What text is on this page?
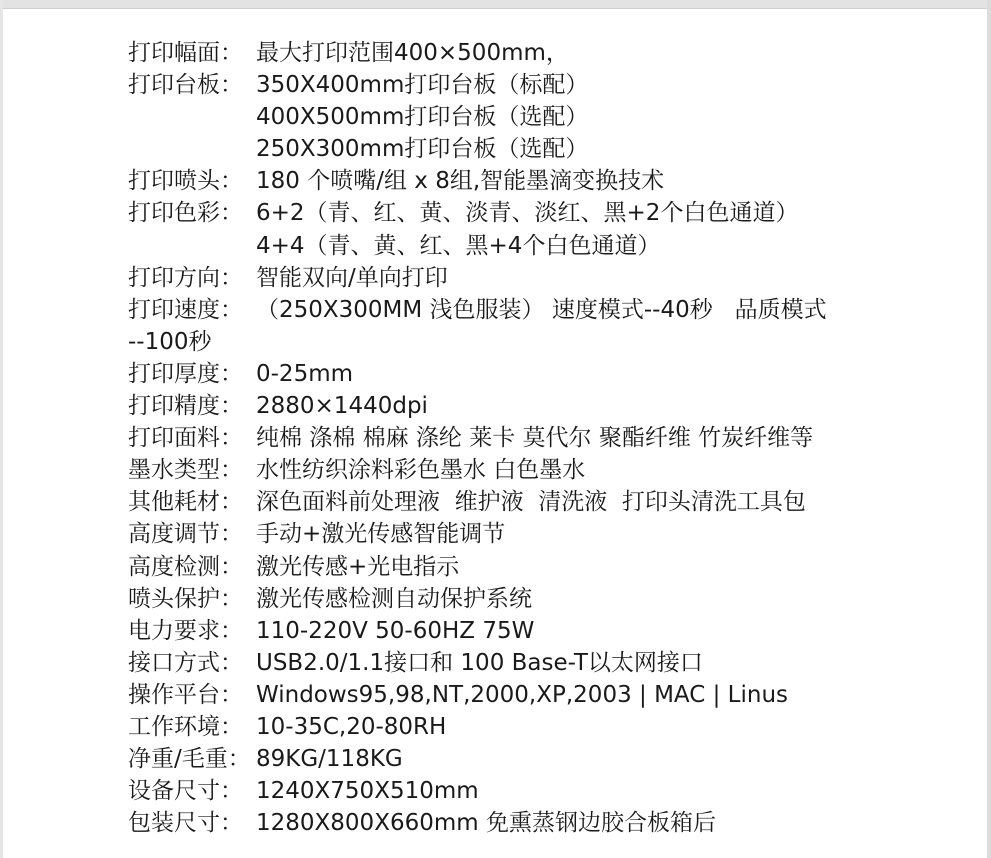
打印幅面： 最大打印范围400×500mm，
打印台板： 350X400mm打印台板（标配）
400X500mm打印台板（选配）
250X300mm打印台板（选配）
打印喷头： 180 个喷嘴/组 x 8组,智能墨滴变换技术
打印色彩： 6+2（青、红、黄、淡青、淡红、黑+2个白色通道）
4+4（青、黄、红、黑+4个白色通道）
打印方向：智能双向/单向打印
打印速度： （250X300MM 浅色服装） 速度模式--40秒   品质模式
--100秒
打印厚度： 0-25mm
打印精度： 2880×1440dpi
打印面料： 纯棉 涤棉 棉麻 涤纶 莱卡 莫代尔 聚酯纤维 竹炭纤维等
墨水类型： 水性纺织涂料彩色墨水 白色墨水
其他耗材： 深色面料前处理液  维护液  清洗液  打印头清洗工具包
高度调节： 手动+激光传感智能调节
高度检测： 激光传感+光电指示
喷头保护： 激光传感检测自动保护系统
电力要求： 110-220V 50-60HZ 75W
接口方式： USB2.0/1.1接口和 100 Base-T以太网接口
操作平台： Windows95,98,NT,2000,XP,2003 | MAC | Linus
工作环境： 10-35C,20-80RH
净重/毛重： 89KG/118KG
设备尺寸： 1240X750X510mm
包装尺寸： 1280X800X660mm 免熏蒸钢边胶合板箱后
